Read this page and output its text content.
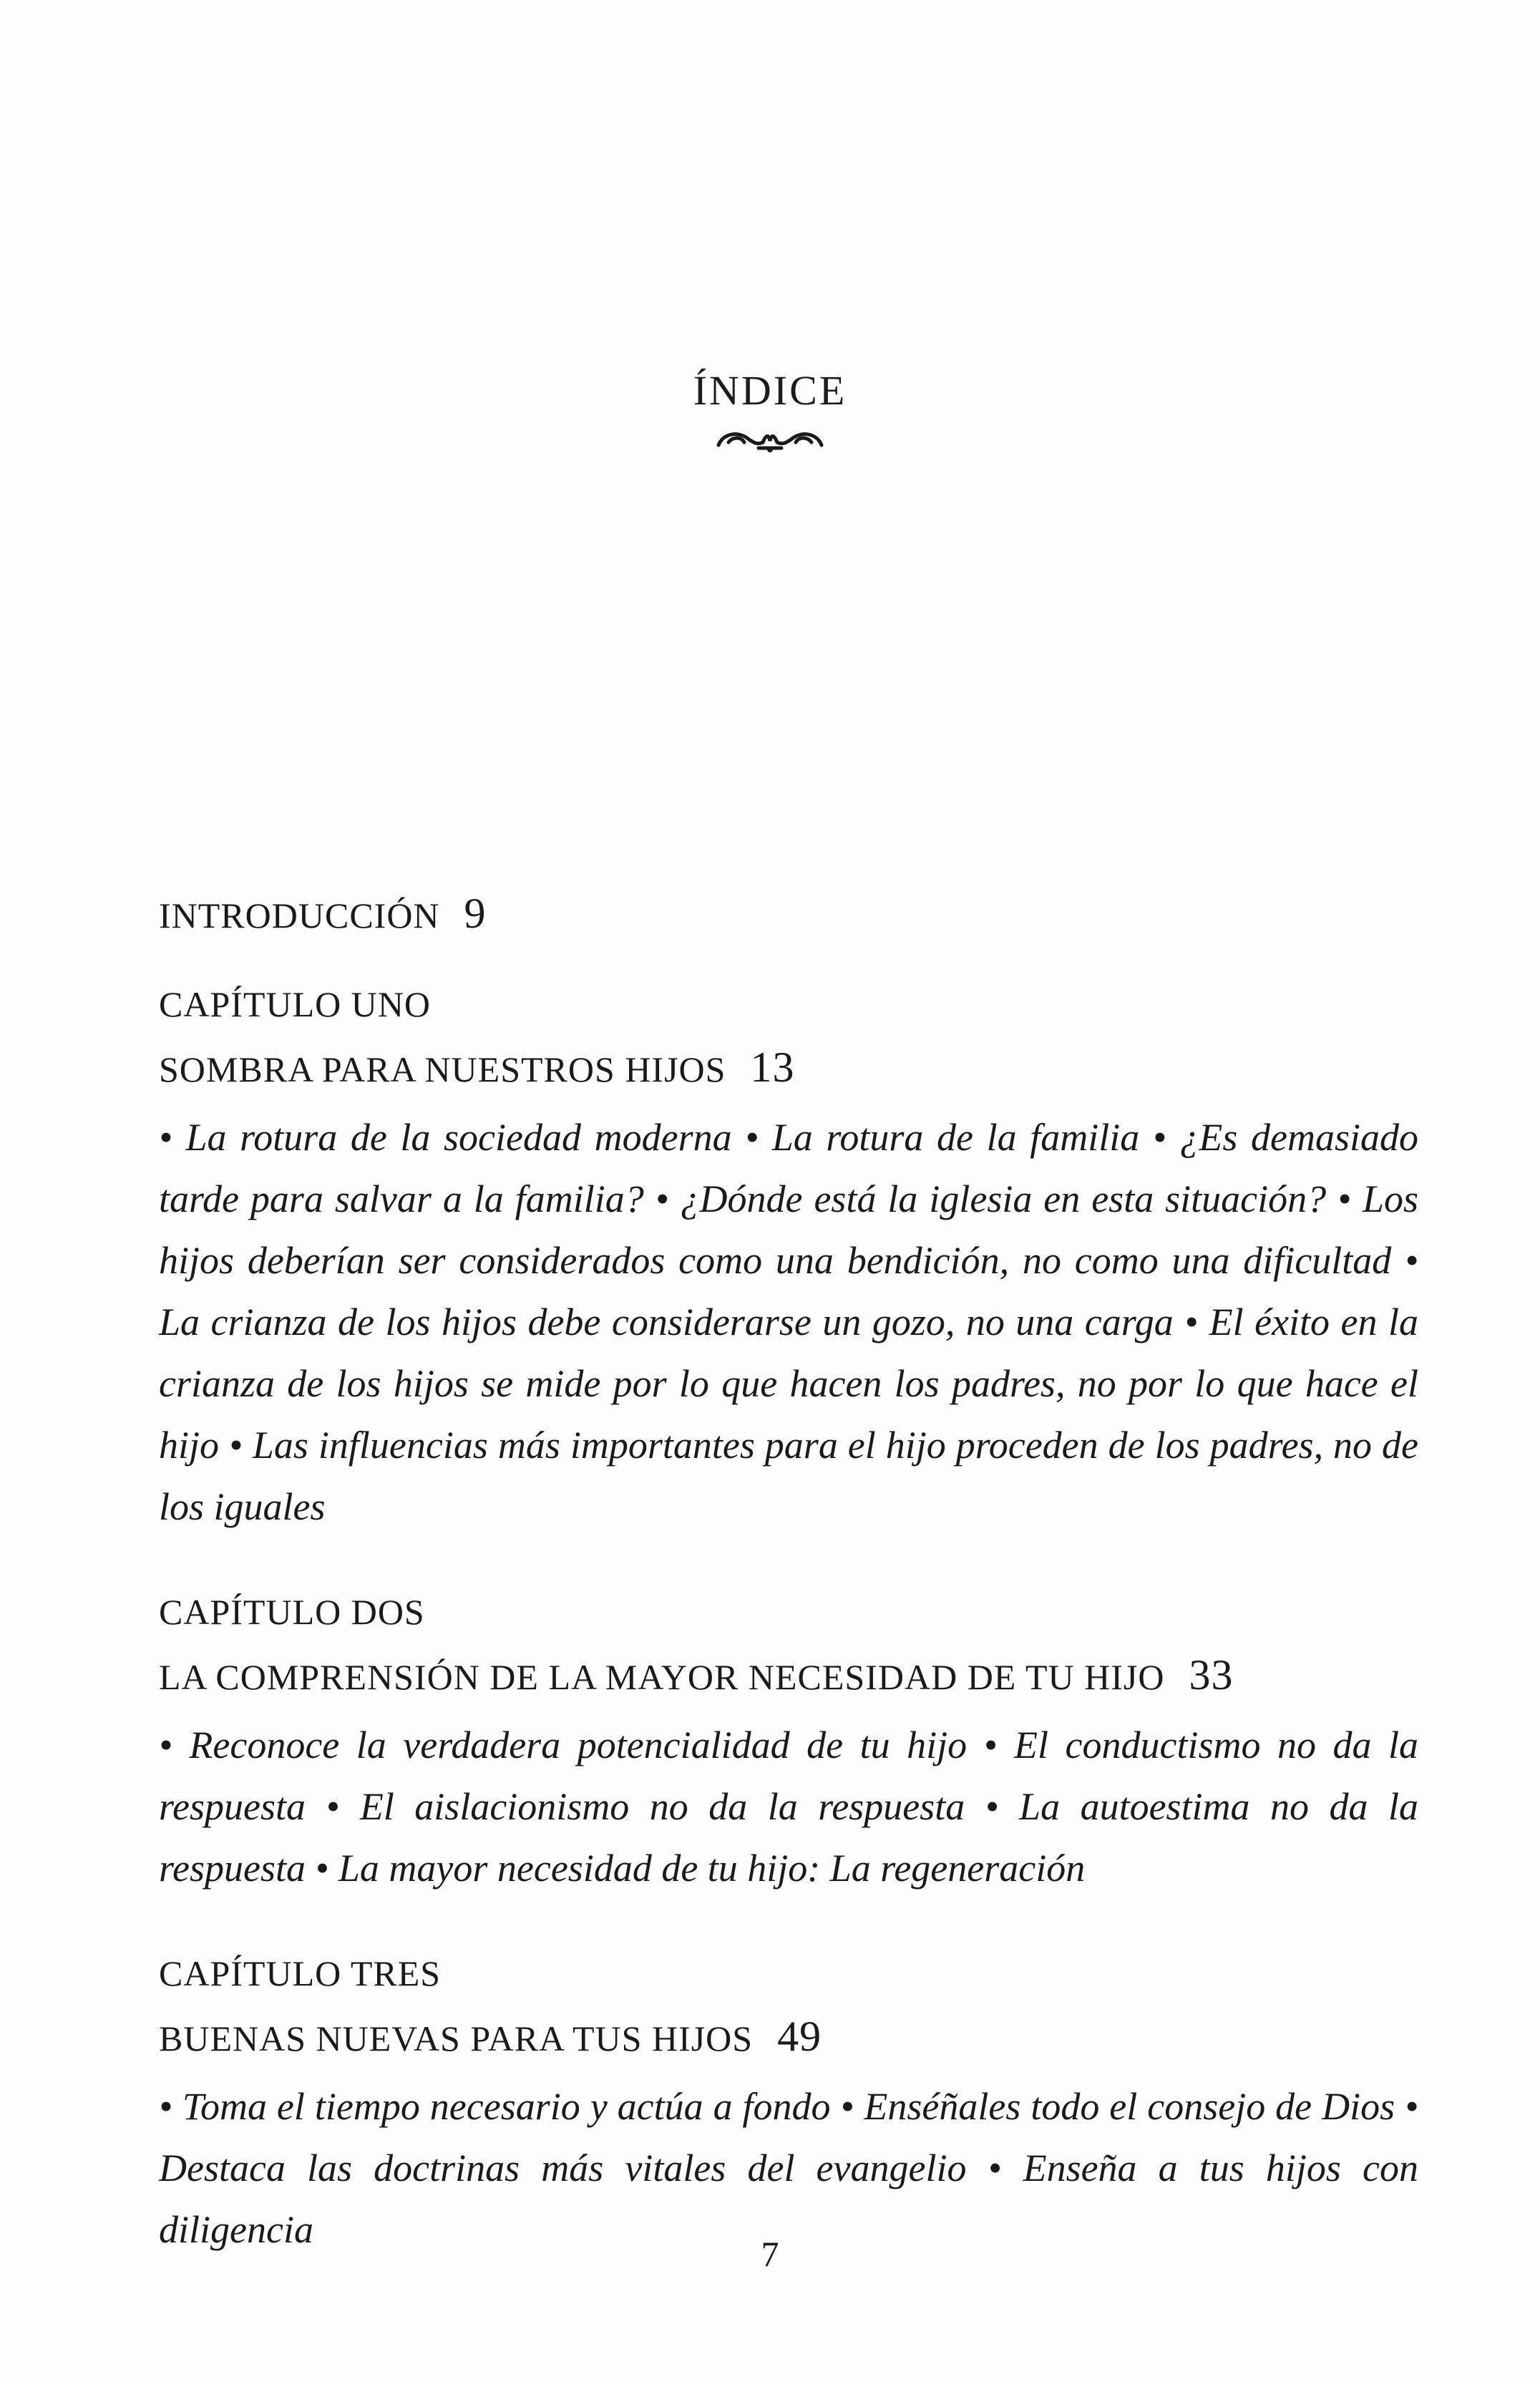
ÍNDICE
INTRODUCCIÓN 9
CAPÍTULO UNO
SOMBRA PARA NUESTROS HIJOS 13
• La rotura de la sociedad moderna • La rotura de la familia • ¿Es demasiado tarde para salvar a la familia? • ¿Dónde está la iglesia en esta situación? • Los hijos deberían ser considerados como una bendición, no como una dificultad • La crianza de los hijos debe considerarse un gozo, no una carga • El éxito en la crianza de los hijos se mide por lo que hacen los padres, no por lo que hace el hijo • Las influencias más importantes para el hijo proceden de los padres, no de los iguales
CAPÍTULO DOS
LA COMPRENSIÓN DE LA MAYOR NECESIDAD DE TU HIJO 33
• Reconoce la verdadera potencialidad de tu hijo • El conductismo no da la respuesta • El aislacionismo no da la respuesta • La autoestima no da la respuesta • La mayor necesidad de tu hijo: La regeneración
CAPÍTULO TRES
BUENAS NUEVAS PARA TUS HIJOS 49
• Toma el tiempo necesario y actúa a fondo • Enséñales todo el consejo de Dios • Destaca las doctrinas más vitales del evangelio • Enseña a tus hijos con diligencia
7
